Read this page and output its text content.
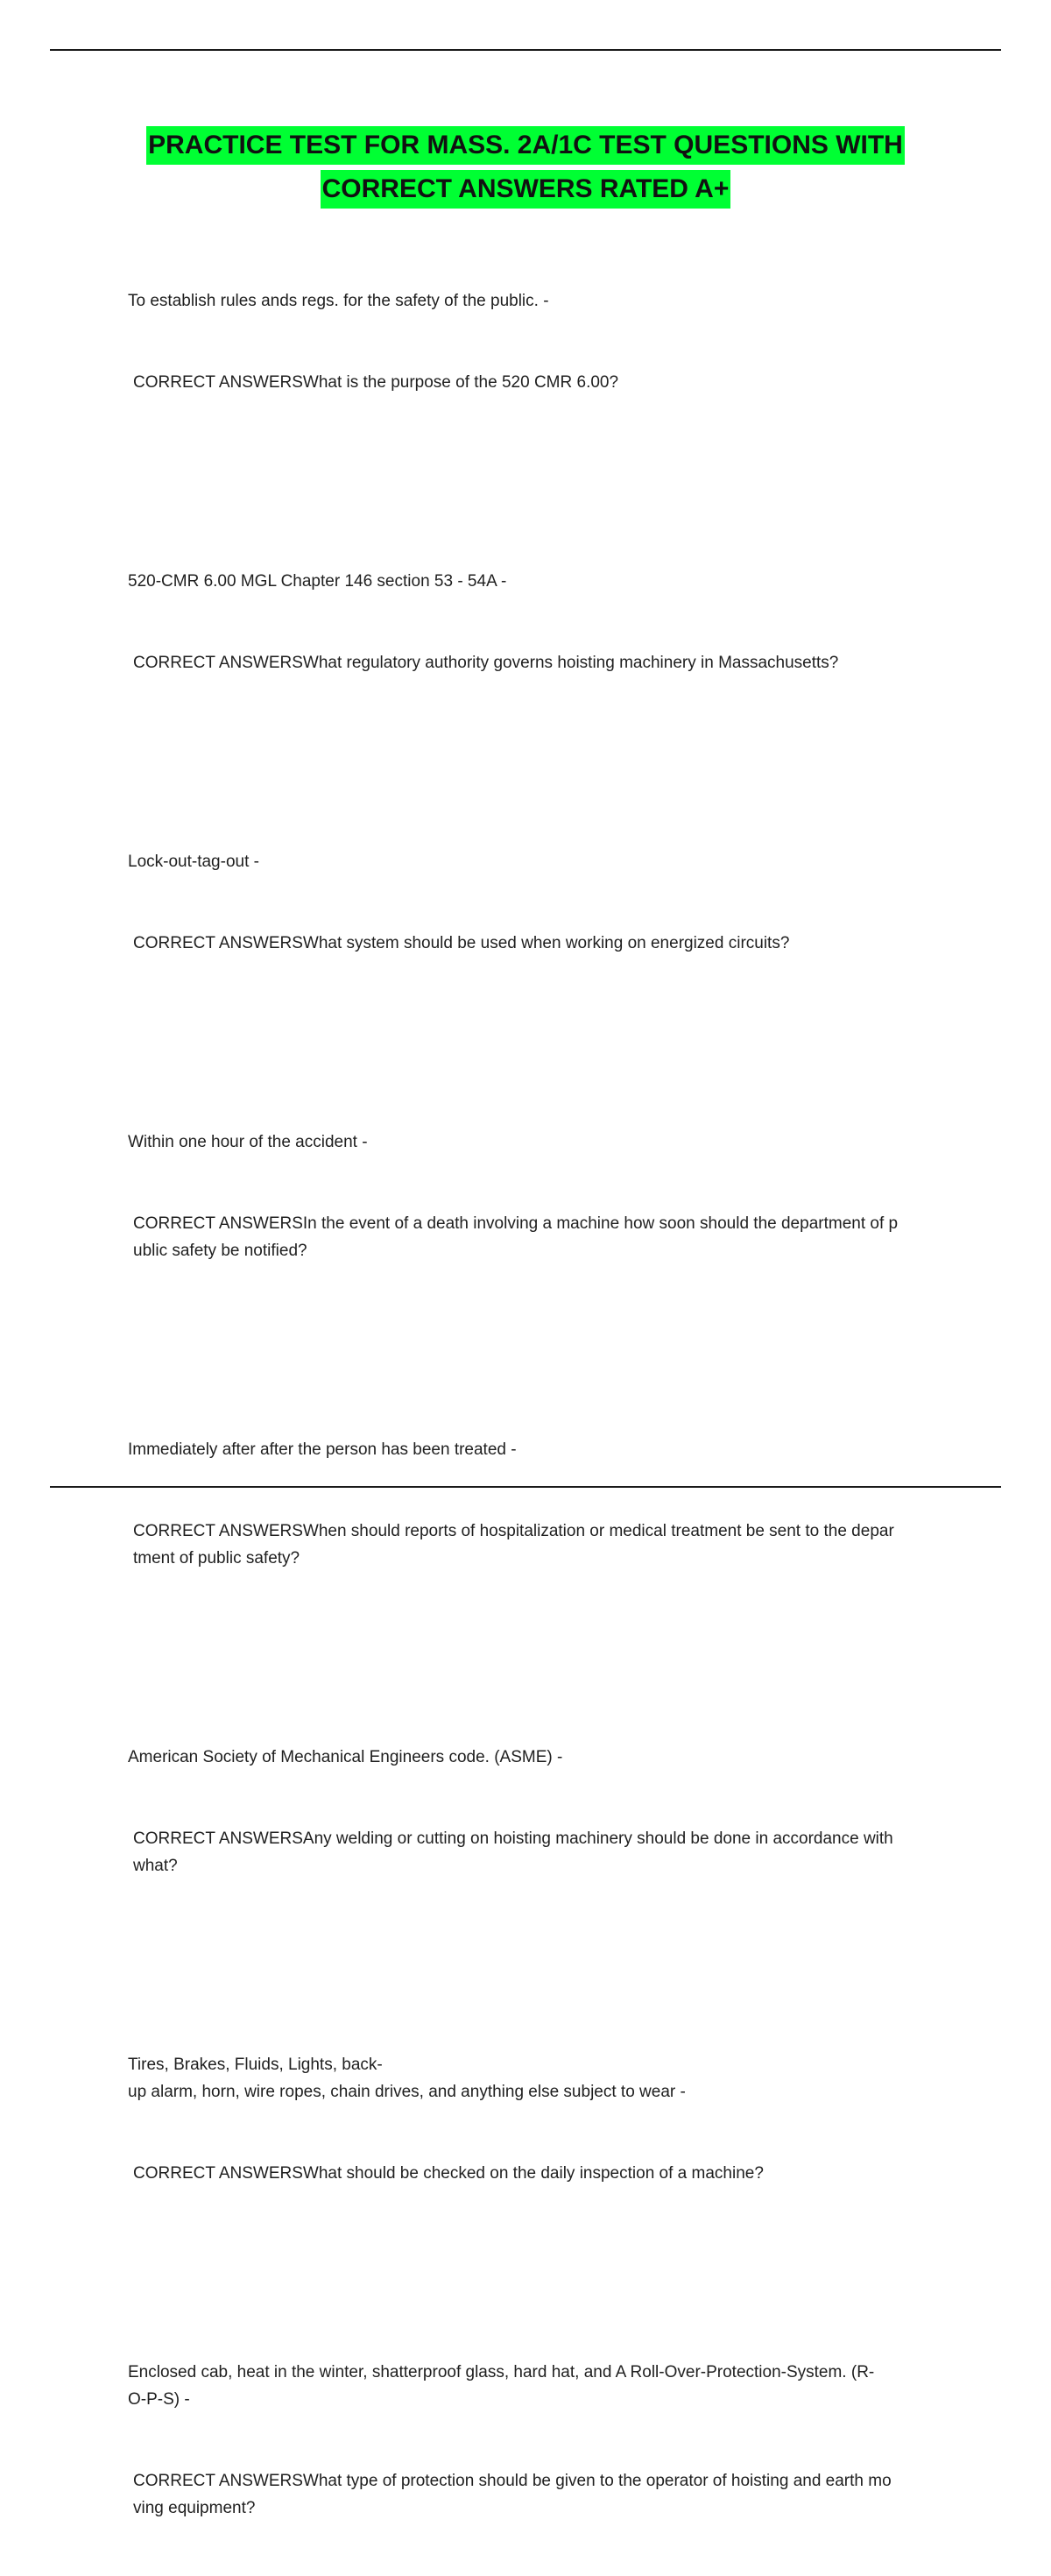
PRACTICE TEST FOR MASS. 2A/1C TEST QUESTIONS WITH
CORRECT ANSWERS RATED A+

To establish rules ands regs. for the safety of the public. -

CORRECT ANSWERSWhat is the purpose of the 520 CMR 6.00?

520-CMR 6.00 MGL Chapter 146 section 53 - 54A -

CORRECT ANSWERSWhat regulatory authority governs hoisting machinery in Massachusetts?

Lock-out-tag-out -

CORRECT ANSWERSWhat system should be used when working on energized circuits?

Within one hour of the accident -

CORRECT ANSWERSIn the event of a death involving a machine how soon should the department of p
ublic safety be notified?

Immediately after after the person has been treated -

CORRECT ANSWERSWhen should reports of hospitalization or medical treatment be sent to the depar
tment of public safety?

American Society of Mechanical Engineers code. (ASME) -

CORRECT ANSWERSAny welding or cutting on hoisting machinery should be done in accordance with
what?

Tires, Brakes, Fluids, Lights, back-
up alarm, horn, wire ropes, chain drives, and anything else subject to wear -

CORRECT ANSWERSWhat should be checked on the daily inspection of a machine?

Enclosed cab, heat in the winter, shatterproof glass, hard hat, and A Roll-Over-Protection-System. (R-
O-P-S) -

CORRECT ANSWERSWhat type of protection should be given to the operator of hoisting and earth mo
ving equipment?
